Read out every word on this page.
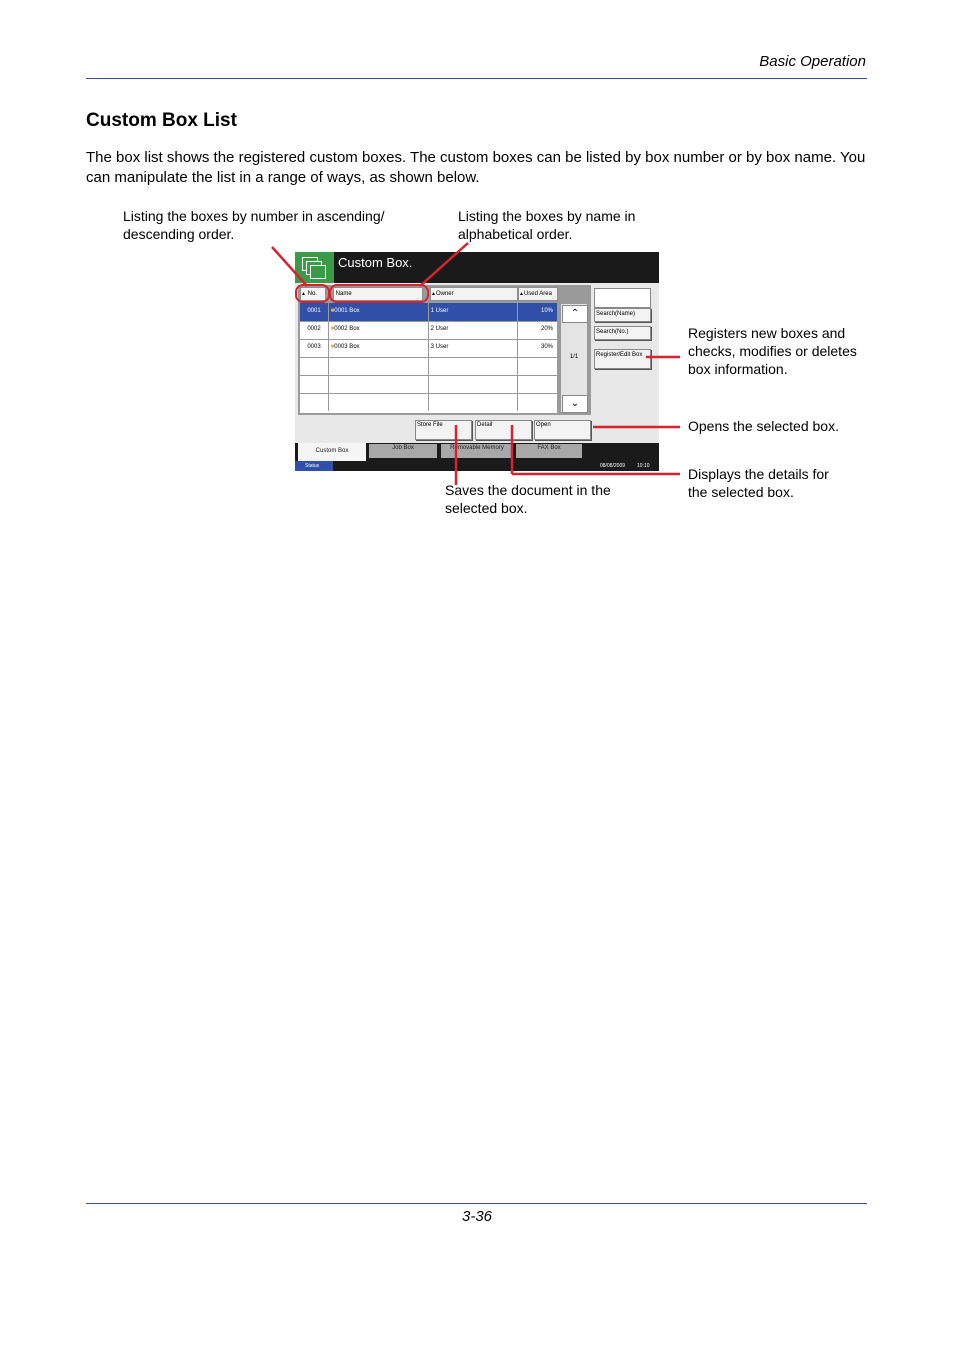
Basic Operation
Custom Box List
The box list shows the registered custom boxes. The custom boxes can be listed by box number or by box name. You can manipulate the list in a range of ways, as shown below.
Listing the boxes by number in ascending/ descending order.
Listing the boxes by name in alphabetical order.
Custom Box.
▲ No.	Name	▲Owner	▲Used Area
0001	■0001 Box	1 User	10%
0002	■0002 Box	2 User	20%
0003	■0003 Box	3 User	30%
⌃
1/1
⌄
Search(Name)
Search(No.)
Register/Edit Box
Store File	Detail	Open
Custom Box	Job Box	Removable Memory	FAX Box
Status	08/08/2009 10:10
Registers new boxes and checks, modifies or deletes box information.
Opens the selected box.
Displays the details for the selected box.
Saves the document in the selected box.
3-36
